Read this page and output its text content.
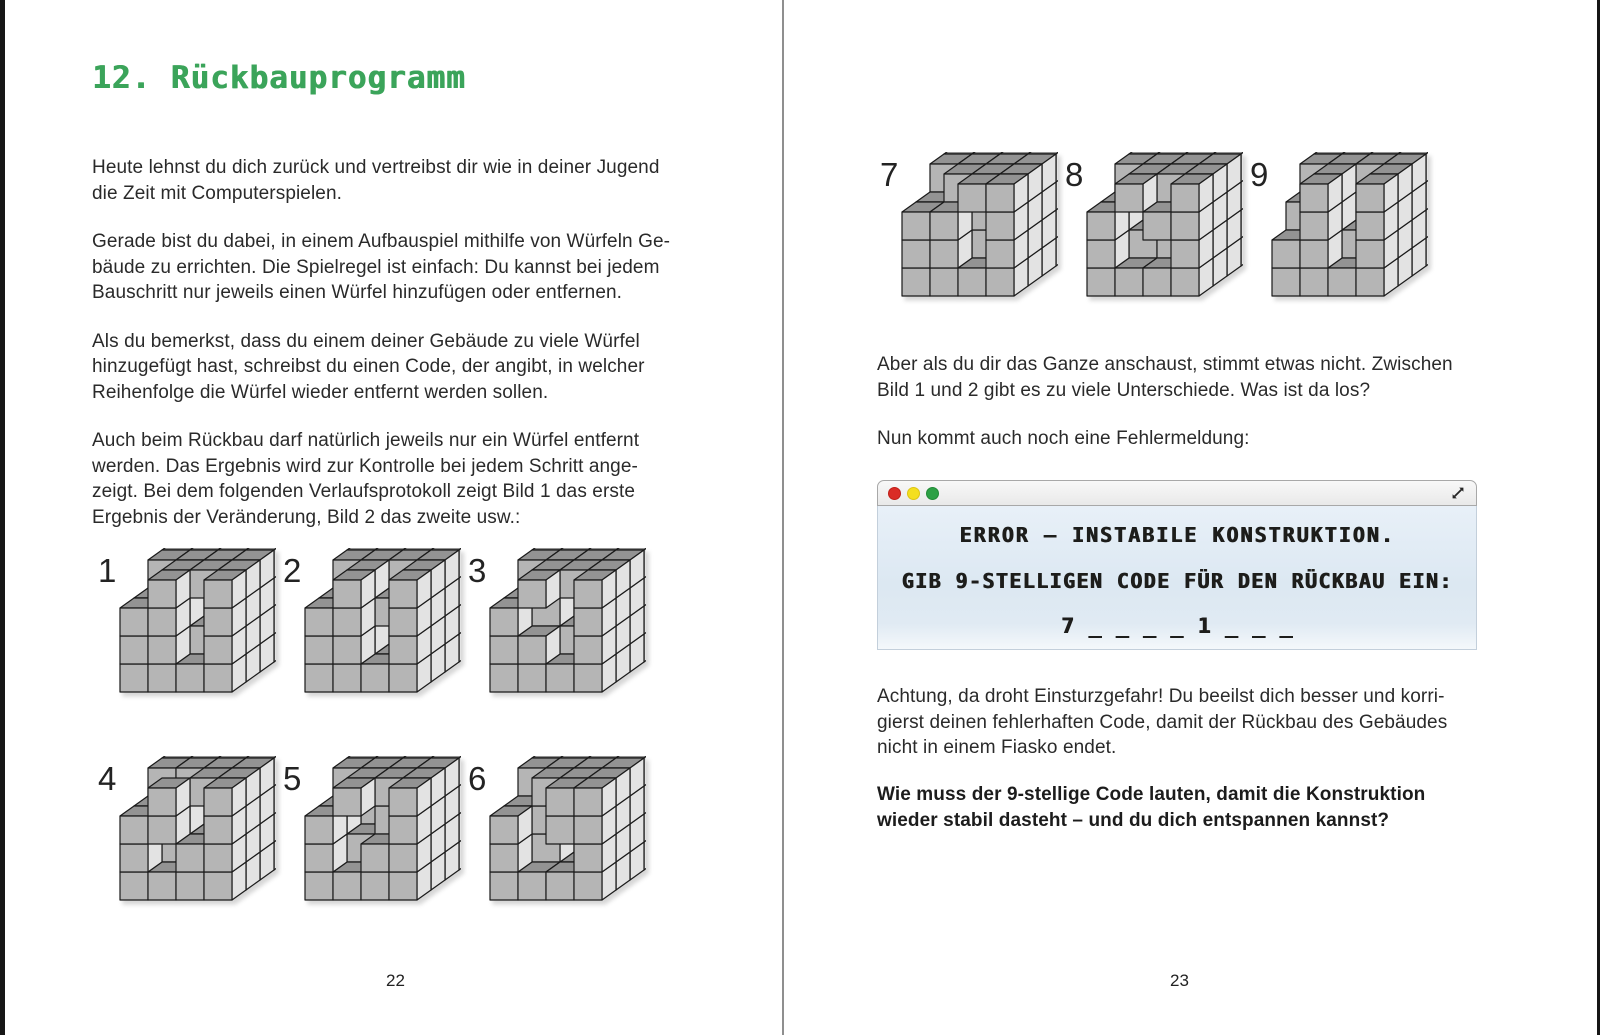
12. Rückbauprogramm

Heute lehnst du dich zurück und vertreibst dir wie in deiner Jugend
die Zeit mit Computerspielen.

Gerade bist du dabei, in einem Aufbauspiel mithilfe von Würfeln Ge-
bäude zu errichten. Die Spielregel ist einfach: Du kannst bei jedem
Bauschritt nur jeweils einen Würfel hinzufügen oder entfernen.

Als du bemerkst, dass du einem deiner Gebäude zu viele Würfel
hinzugefügt hast, schreibst du einen Code, der angibt, in welcher
Reihenfolge die Würfel wieder entfernt werden sollen.

Auch beim Rückbau darf natürlich jeweils nur ein Würfel entfernt
werden. Das Ergebnis wird zur Kontrolle bei jedem Schritt ange-
zeigt. Bei dem folgenden Verlaufsprotokoll zeigt Bild 1 das erste
Ergebnis der Veränderung, Bild 2 das zweite usw.:

1	2	3
4	5	6
22
7	8	9

Aber als du dir das Ganze anschaust, stimmt etwas nicht. Zwischen
Bild 1 und 2 gibt es zu viele Unterschiede. Was ist da los?

Nun kommt auch noch eine Fehlermeldung:

ERROR – INSTABILE KONSTRUKTION.
GIB 9-STELLIGEN CODE FÜR DEN RÜCKBAU EIN:
7 _ _ _ _ 1 _ _ _

Achtung, da droht Einsturzgefahr! Du beeilst dich besser und korri-
gierst deinen fehlerhaften Code, damit der Rückbau des Gebäudes
nicht in einem Fiasko endet.

Wie muss der 9-stellige Code lauten, damit die Konstruktion
wieder stabil dasteht – und du dich entspannen kannst?

23
